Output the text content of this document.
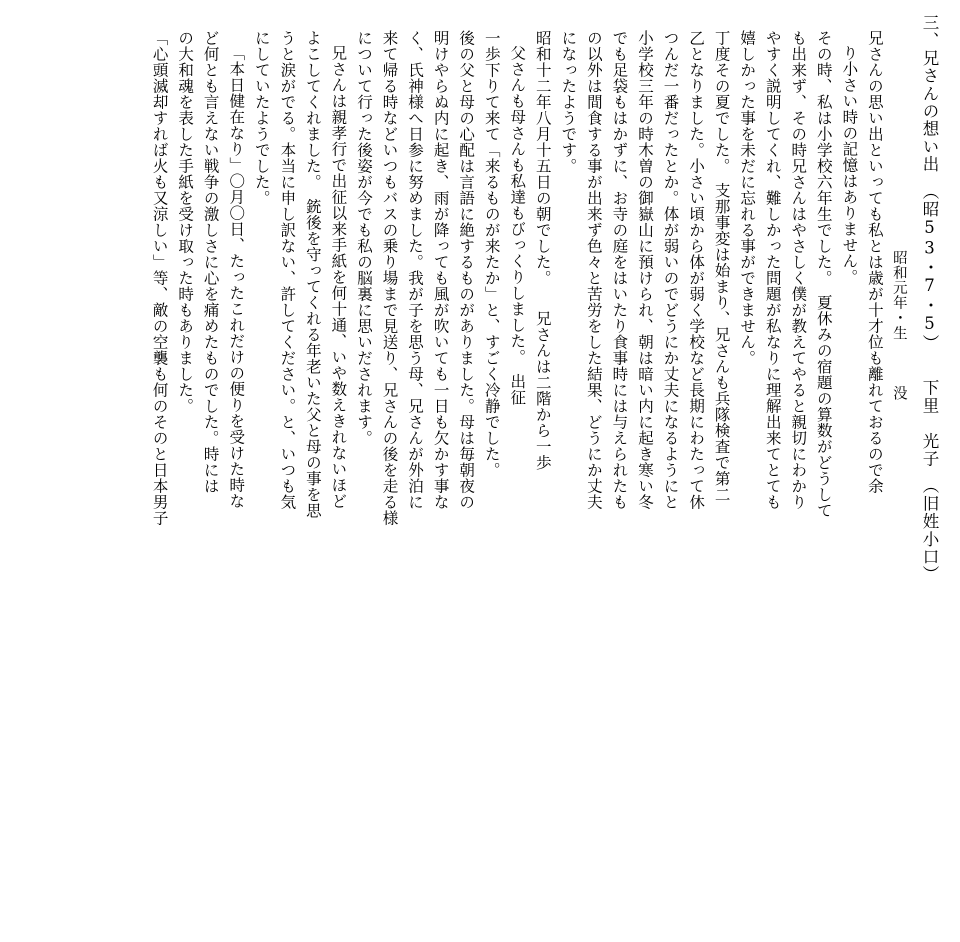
三、兄さんの想い出　（昭53・7・5）　　下里　光子　（旧姓小口）
昭和元年・生　　　没
兄さんの思い出といっても私とは歳が十才位も離れておるので余
り小さい時の記憶はありません。
その時、私は小学校六年生でした。　夏休みの宿題の算数がどうして
も出来ず、その時兄さんはやさしく僕が教えてやると親切にわかり
やすく説明してくれ、難しかった問題が私なりに理解出来てとても
嬉しかった事を未だに忘れる事ができません。
丁度その夏でした。　支那事変は始まり、兄さんも兵隊検査で第二
乙となりました。小さい頃から体が弱く学校など長期にわたって休
つんだ一番だったとか。体が弱いのでどうにか丈夫になるようにと
小学校三年の時木曽の御嶽山に預けられ、朝は暗い内に起き寒い冬
でも足袋もはかずに、お寺の庭をはいたり食事時には与えられたも
の以外は間食する事が出来ず色々と苦労をした結果、どうにか丈夫
になったようです。
昭和十二年八月十五日の朝でした。　　兄さんは二階から一歩
父さんも母さんも私達もびっくりしました。　出征
一歩下りて来て「来るものが来たか」と、すごく冷静でした。
後の父と母の心配は言語に絶するものがありました。母は毎朝夜の
明けやらぬ内に起き、雨が降っても風が吹いても一日も欠かす事な
く、氏神様へ日参に努めました。我が子を思う母、兄さんが外泊に
来て帰る時などいつもバスの乗り場まで見送り、兄さんの後を走る様
について行った後姿が今でも私の脳裏に思いだされます。
兄さんは親孝行で出征以来手紙を何十通、いや数えきれないほど
よこしてくれました。　銃後を守ってくれる年老いた父と母の事を思
うと涙がでる。本当に申し訳ない、許してください。と、いつも気
にしていたようでした。
「本日健在なり」〇月〇日、たったこれだけの便りを受けた時な
ど何とも言えない戦争の激しさに心を痛めたものでした。時には
の大和魂を表した手紙を受け取った時もありました。
「心頭滅却すれば火も又涼しい」等、敵の空襲も何のそのと日本男子
